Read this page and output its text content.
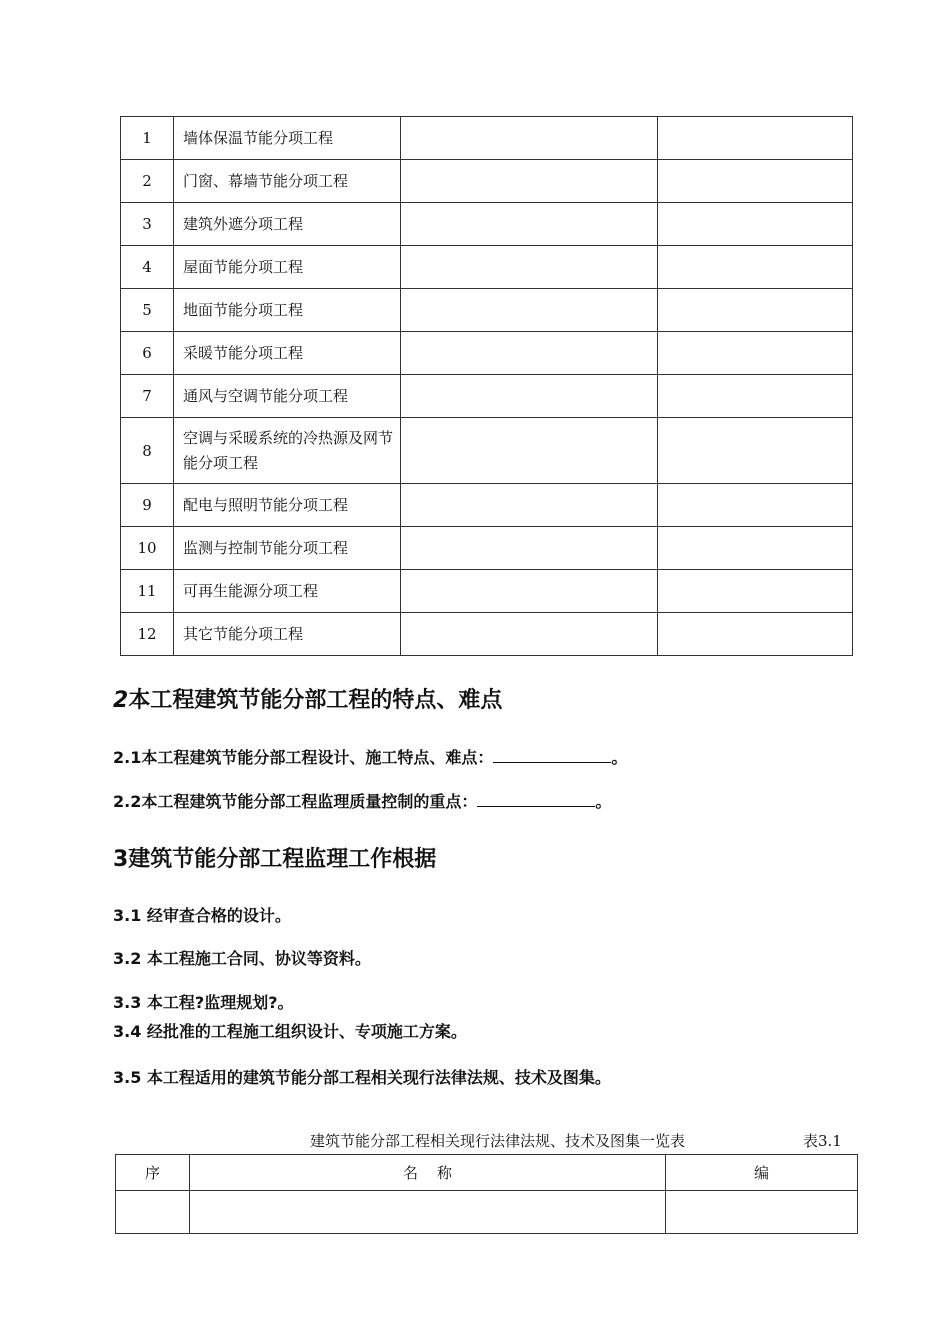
1	墙体保温节能分项工程		
2	门窗、幕墙节能分项工程		
3	建筑外遮分项工程		
4	屋面节能分项工程		
5	地面节能分项工程		
6	采暖节能分项工程		
7	通风与空调节能分项工程		
8	空调与采暖系统的冷热源及网节能分项工程		
9	配电与照明节能分项工程		
10	监测与控制节能分项工程		
11	可再生能源分项工程		
12	其它节能分项工程		
2本工程建筑节能分部工程的特点、难点
2.1本工程建筑节能分部工程设计、施工特点、难点：	。
2.2本工程建筑节能分部工程监理质量控制的重点：	。
3建筑节能分部工程监理工作根据
3.1 经审查合格的设计。
3.2 本工程施工合同、协议等资料。
3.3 本工程?监理规划?。
3.4 经批准的工程施工组织设计、专项施工方案。
3.5 本工程适用的建筑节能分部工程相关现行法律法规、技术及图集。
建筑节能分部工程相关现行法律法规、技术及图集一览表	表3.1
序	名    称	编
